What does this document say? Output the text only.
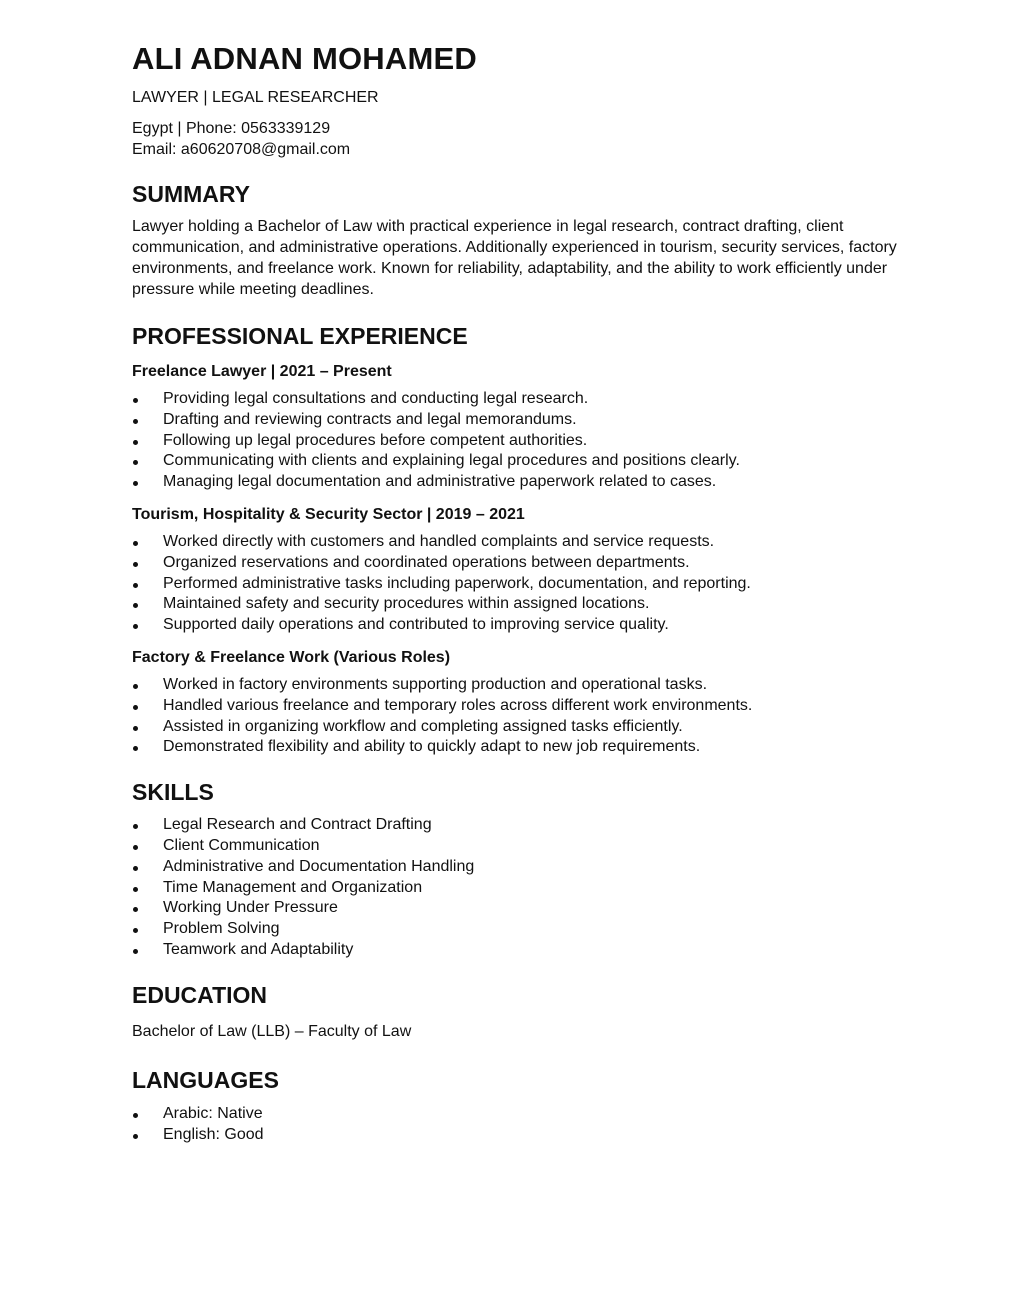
ALI ADNAN MOHAMED
LAWYER | LEGAL RESEARCHER
Egypt | Phone: 0563339129
Email: a60620708@gmail.com
SUMMARY
Lawyer holding a Bachelor of Law with practical experience in legal research, contract drafting, client communication, and administrative operations. Additionally experienced in tourism, security services, factory environments, and freelance work. Known for reliability, adaptability, and the ability to work efficiently under pressure while meeting deadlines.
PROFESSIONAL EXPERIENCE
Freelance Lawyer | 2021 – Present
Providing legal consultations and conducting legal research.
Drafting and reviewing contracts and legal memorandums.
Following up legal procedures before competent authorities.
Communicating with clients and explaining legal procedures and positions clearly.
Managing legal documentation and administrative paperwork related to cases.
Tourism, Hospitality & Security Sector | 2019 – 2021
Worked directly with customers and handled complaints and service requests.
Organized reservations and coordinated operations between departments.
Performed administrative tasks including paperwork, documentation, and reporting.
Maintained safety and security procedures within assigned locations.
Supported daily operations and contributed to improving service quality.
Factory & Freelance Work (Various Roles)
Worked in factory environments supporting production and operational tasks.
Handled various freelance and temporary roles across different work environments.
Assisted in organizing workflow and completing assigned tasks efficiently.
Demonstrated flexibility and ability to quickly adapt to new job requirements.
SKILLS
Legal Research and Contract Drafting
Client Communication
Administrative and Documentation Handling
Time Management and Organization
Working Under Pressure
Problem Solving
Teamwork and Adaptability
EDUCATION
Bachelor of Law (LLB) – Faculty of Law
LANGUAGES
Arabic: Native
English: Good
